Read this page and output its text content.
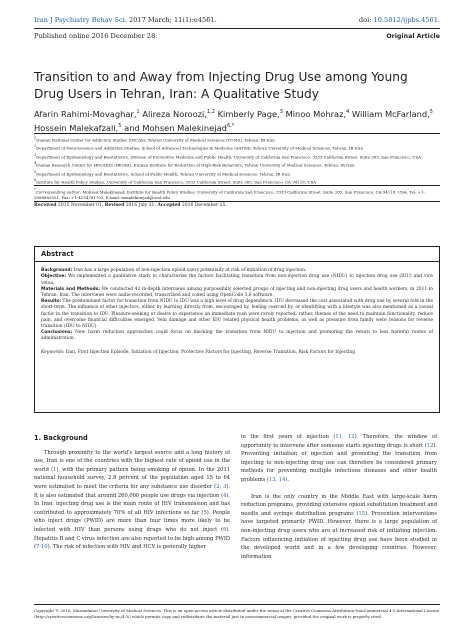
Iran J Psychiatry Behav Sci. 2017 March; 11(1):e4561.	doi: 10.5812/ijpbs.4561.
Published online 2016 December 28.	Original Article
Transition to and Away from Injecting Drug Use among Young Drug Users in Tehran, Iran: A Qualitative Study
Afarin Rahimi-Movaghar,$^1$ Alireza Noroozi,$^{1,2}$ Kimberly Page,$^3$ Minoo Mohraz,$^4$ William McFarland,$^5$
Hossein Malekafzali,$^5$ and Mohsen Malekinejad$^{6,*}$
$^1$Iranian National Center for Addiction Studies (INCAS), Tehran University of Medical Sciences (TUMS), Tehran, IR Iran
$^2$Department of Neuroscience and Addiction Studies, School of Advanced Technologies in Medicine (SATiM), Tehran University of Medical Sciences, Tehran, IR Iran
$^3$Department of Epidemiology and Biostatistics, Division of Preventive Medicine and Public Health, University of California San Francisco, 3333 California Street, Suite 265, San Francisco, USA
$^4$Iranian Research Center for HIV/AIDS (IRCHA), Iranian Institute for Reduction of High-Risk Behaviors, Tehran University of Medical Sciences, Tehran, IR Iran
$^5$Department of Epidemiology and Biostatistics, School of Public Health, Tehran University of Medical Sciences, Tehran, IR Iran
$^6$Institute for Health Policy Studies, University of California San Francisco, 3333 California Street, Suite 265, San Francisco, CA 94118, USA
*Corresponding author: Mohsen Malekinejad, Institute for Health Policy Studies, University of California San Francisco, 3333 California Street, Suite 265, San Francisco, CA 94118, USA. Tel: +1-5088883551, Fax: +1-4154761703, E-mail: mmalekinejad@ucsf.edu
Received 2015 November 01; Revised 2016 July 31; Accepted 2016 December 25.
Abstract
Background: Iran has a large population of non-injection opioid users potentially at risk of initiation of drug injection.
Objective: We implemented a qualitative study to characterize the factors facilitating transition from non-injection drug use (NIDU) to injection drug use (IDU) and vice versa.
Materials and Methods: We conducted 42 in-depth interviews among purposefully selected groups of injecting and non-injecting drug users and health workers, in 2011 in Tehran, Iran. The interviews were audio-recorded, transcribed and coded using OpenCode 3.6 software.
Results: The predominant factor for transition from NIDU to IDU was a high level of drug dependence. IDU decreased the cost associated with drug use by several fold in the short-term. The influence of other injectors, either by learning directly from, encouraged by, feeling coerced by, or identifying with a lifestyle was also mentioned as a causal factor in the transition to IDU. Pleasure-seeking or desire to experience an immediate rush were rarely reported; rather, themes of the need to maintain functionality, reduce pain, and overcome financial difficulties emerged. Vein damage and other IDU related physical health problems, as well as pressure from family were reasons for reverse transition (IDU to NIDU).
Conclusions: New harm reduction approaches could focus on blocking the transition from NIDU to injection and promoting the return to less harmful routes of administration.
Keywords: Iran, First Injection Episode, Initiation of Injection, Protective Factors for Injecting, Reverse Transition, Risk Factors for Injecting
1. Background

Through proximity to the world's largest source and a long history of use, Iran is one of the countries with the highest rate of opioid use in the world (1), with the primary pattern being smoking of opium. In the 2011 national household survey, 2.8 percent of the population aged 15 to 64 were estimated to meet the criteria for any substance use disorder (2, 3). It is also estimated that around 260,000 people use drugs via injection (4). In Iran, injecting drug use is the main route of HIV transmission and has contributed to approximately 70% of all HIV infections so far (5). People who inject drugs (PWID) are more than four times more likely to be infected with HIV than persons using drugs who do not inject (6). Hepatitis B and C virus infection are also reported to be high among PWID (7-10). The risk of infection with HIV and HCV is generally higher

in the first years of injection (11, 12). Therefore, the window of opportunity to intervene after someone starts injecting drugs is short (12). Preventing initiation of injection and promoting the transition from injecting to non-injecting drug use can therefore be considered primary methods for preventing multiple infectious diseases and other health problems (13, 14).

Iran is the only country in the Middle East with large-scale harm reduction programs, providing extensive opioid substitution treatment and needle and syringe distribution programs (15). Prevention interventions have targeted primarily PWID. However, there is a large population of non-injecting drug users who are at increased risk of initiating injection. Factors influencing initiation of injecting drug use have been studied in the developed world and in a few developing countries. However, information

Copyright © 2016, Mazandaran University of Medical Sciences. This is an open-access article distributed under the terms of the Creative Commons Attribution-NonCommercial 4.0 International License (http://creativecommons.org/licenses/by-nc/4.0/) which permits copy and redistribute the material just in noncommercial usages, provided the original work is properly cited.
